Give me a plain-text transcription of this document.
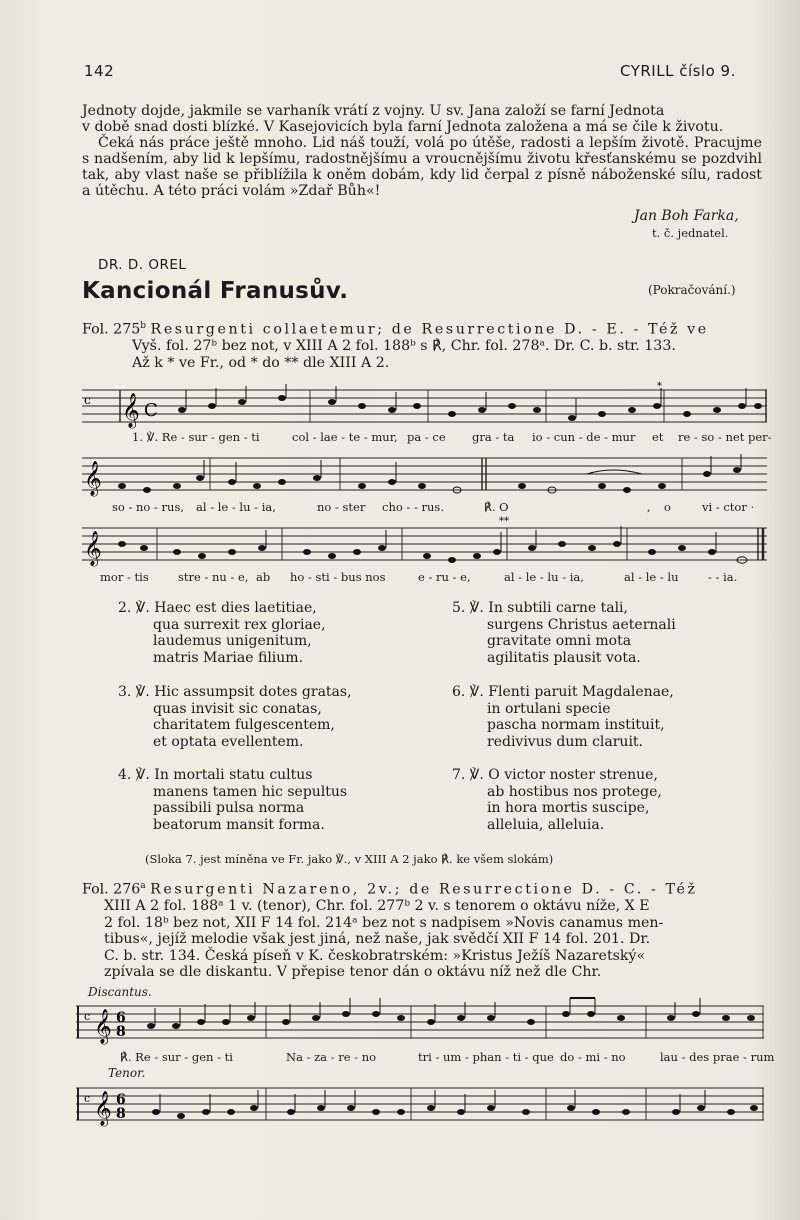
142	CYRILL číslo 9.

Jednoty dojde, jakmile se varhaník vrátí z vojny. U sv. Jana založí se farní Jednota

v době snad dosti blízké. V Kasejovicích byla farní Jednota založena a má se čile k životu.

Čeká nás práce ještě mnoho. Lid náš touží, volá po útěše, radosti a lepším životě. Pracujme s nadšením, aby lid k lepšímu, radostnějšímu a vroucnějšímu životu křesťanskému se pozdvihl tak, aby vlast naše se přiblížila k oněm dobám, kdy lid čerpal z písně náboženské sílu, radost a útěchu. A této práci volám »Zdař Bůh«!

Jan Boh Farka,
t. č. jednatel.
DR. D. OREL
Kancionál Franusův.	(Pokračování.)

Fol. 275$^b$ Resurgenti collaetemur; de Resurrectione D. - E. - Též ve

Vyš. fol. 27ᵇ bez not, v XIII A 2 fol. 188ᵇ s ℟, Chr. fol. 278ᵃ. Dr. C. b. str. 133.

Až k * ve Fr., od * do ** dle XIII A 2.

c 𝄞 C
*
1. ℣. Re - sur - gen - ti	col - lae - te - mur, pa - ce gra - ta io - cun - de - mur et re - so - net per-
𝄞
so - no - rus, al - le - lu - ia,	no - ster cho - - rus.	℟. O	, o	vi - ctor ·
𝄞
**
mor - tis	stre - nu - e, ab ho - sti - bus nos	e - ru - e,	al - le - lu - ia,	al - le - lu	- - ia.
2. ℣. Haec est dies laetitiae,
qua surrexit rex gloriae,
laudemus unigenitum,
matris Mariae filium.
3. ℣. Hic assumpsit dotes gratas,
quas invisit sic conatas,
charitatem fulgescentem,
et optata evellentem.
4. ℣. In mortali statu cultus
manens tamen hic sepultus
passibili pulsa norma
beatorum mansit forma.
5. ℣. In subtili carne tali,
surgens Christus aeternali
gravitate omni mota
agilitatis plausit vota.
6. ℣. Flenti paruit Magdalenae,
in ortulani specie
pascha normam instituit,
redivivus dum claruit.
7. ℣. O victor noster strenue,
ab hostibus nos protege,
in hora mortis suscipe,
alleluia, alleluia.
(Sloka 7. jest míněna ve Fr. jako ℣., v XIII A 2 jako ℟. ke všem slokám)

Fol. 276$^a$ Resurgenti Nazareno, 2v.; de Resurrectione D. - C. - Též

XIII A 2 fol. 188ᵃ 1 v. (tenor), Chr. fol. 277ᵇ 2 v. s tenorem o oktávu níže, X E

2 fol. 18ᵇ bez not, XII F 14 fol. 214ᵃ bez not s nadpisem »Novis canamus men-

tibus«, jejíž melodie však jest jiná, než naše, jak svědčí XII F 14 fol. 201. Dr.

C. b. str. 134. Česká píseň v K. českobratrském: »Kristus Ježíš Nazaretský«

zpívala se dle diskantu. V přepise tenor dán o oktávu níž než dle Chr.

Discantus.
c 𝄞 6
8
℟. Re - sur - gen - ti	Na - za - re - no	tri - um - phan - ti - que do - mi - no	lau - des prae - rum
Tenor.
c 𝄞 6
8
